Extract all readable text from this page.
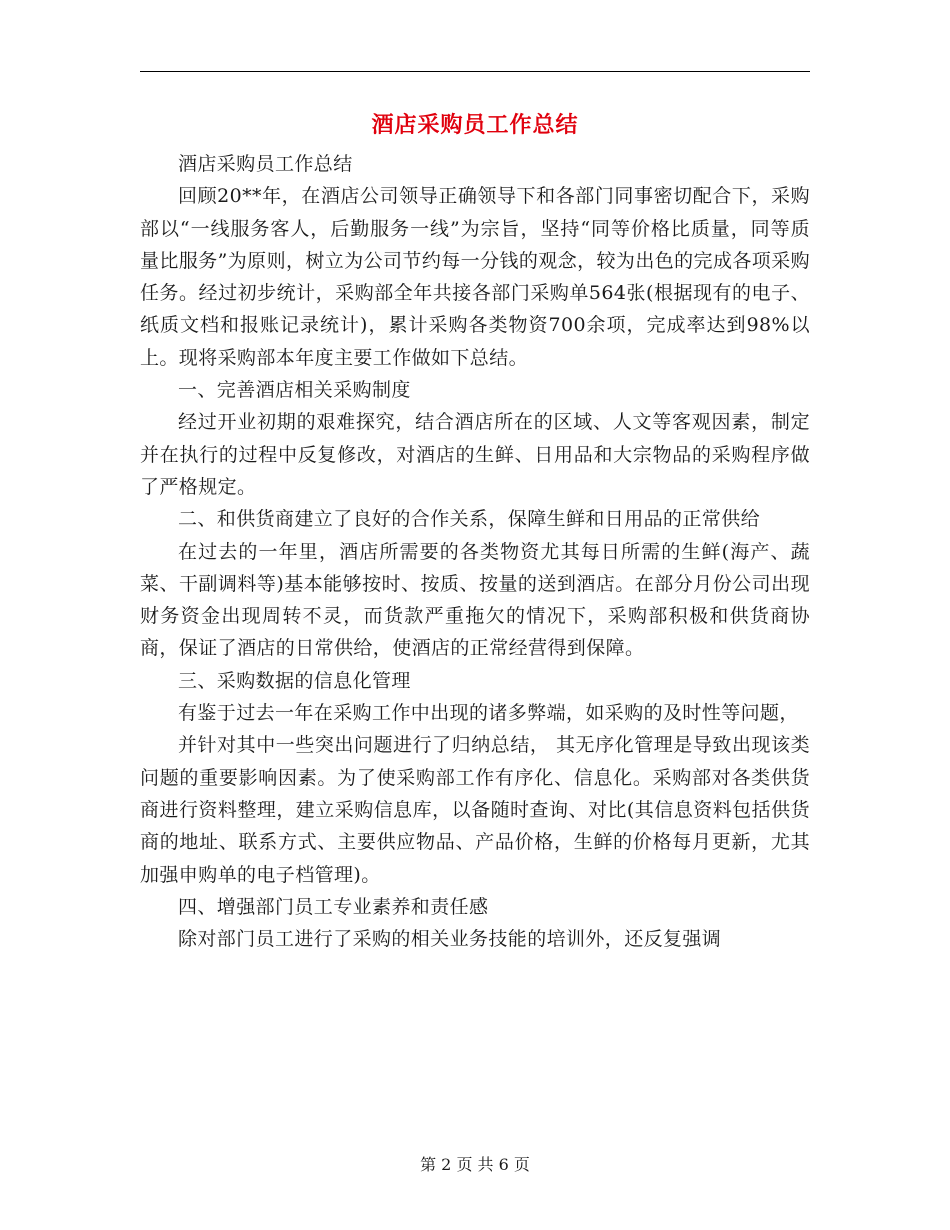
酒店采购员工作总结

酒店采购员工作总结

回顾20**年，在酒店公司领导正确领导下和各部门同事密切配合下，采购部以“一线服务客人，后勤服务一线”为宗旨，坚持“同等价格比质量，同等质量比服务”为原则，树立为公司节约每一分钱的观念，较为出色的完成各项采购任务。经过初步统计，采购部全年共接各部门采购单564张(根据现有的电子、纸质文档和报账记录统计)，累计采购各类物资700余项，完成率达到98%以上。现将采购部本年度主要工作做如下总结。

一、完善酒店相关采购制度

经过开业初期的艰难探究，结合酒店所在的区域、人文等客观因素，制定并在执行的过程中反复修改，对酒店的生鲜、日用品和大宗物品的采购程序做了严格规定。

二、和供货商建立了良好的合作关系，保障生鲜和日用品的正常供给

在过去的一年里，酒店所需要的各类物资尤其每日所需的生鲜(海产、蔬菜、干副调料等)基本能够按时、按质、按量的送到酒店。在部分月份公司出现财务资金出现周转不灵，而货款严重拖欠的情况下，采购部积极和供货商协商，保证了酒店的日常供给，使酒店的正常经营得到保障。

三、采购数据的信息化管理

有鉴于过去一年在采购工作中出现的诸多弊端，如采购的及时性等问题，

并针对其中一些突出问题进行了归纳总结， 其无序化管理是导致出现该类问题的重要影响因素。为了使采购部工作有序化、信息化。采购部对各类供货商进行资料整理，建立采购信息库，以备随时查询、对比(其信息资料包括供货商的地址、联系方式、主要供应物品、产品价格，生鲜的价格每月更新，尤其加强申购单的电子档管理)。

四、增强部门员工专业素养和责任感

除对部门员工进行了采购的相关业务技能的培训外，还反复强调

第 2 页 共 6 页
